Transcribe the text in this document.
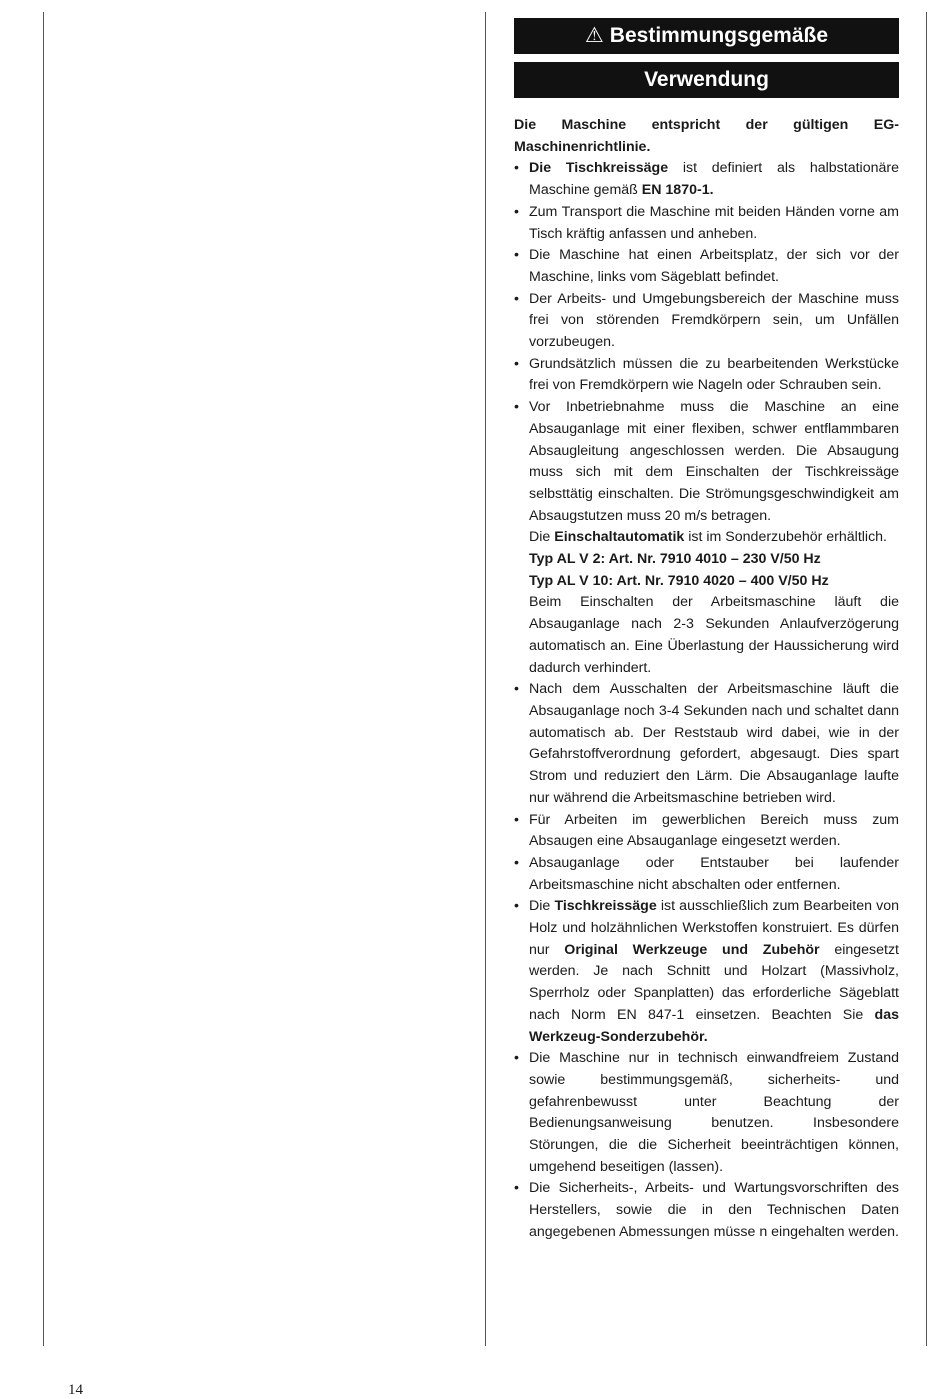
⚠ Bestimmungsgemäße
Verwendung
Die Maschine entspricht der gültigen EG-Maschinenrichtlinie.
• Die Tischkreissäge ist definiert als halbstationäre Maschine gemäß EN 1870-1.
• Zum Transport die Maschine mit beiden Händen vorne am Tisch kräftig anfassen und anheben.
• Die Maschine hat einen Arbeitsplatz, der sich vor der Maschine, links vom Sägeblatt befindet.
• Der Arbeits- und Umgebungsbereich der Maschine muss frei von störenden Fremdkörpern sein, um Unfällen vorzubeugen.
• Grundsätzlich müssen die zu bearbeitenden Werkstücke frei von Fremdkörpern wie Nageln oder Schrauben sein.

• Vor Inbetriebnahme muss die Maschine an eine Absauganlage mit einer flexiben, schwer entflammbaren Absaugleitung angeschlossen werden. Die Absaugung muss sich mit dem Einschalten der Tischkreissäge selbsttätig einschalten. Die Strömungsgeschwindigkeit am Absaugstutzen muss 20 m/s betragen.

Die Einschaltautomatik ist im Sonderzubehör erhältlich.

Typ AL V 2: Art. Nr. 7910 4010 – 230 V/50 Hz

Typ AL V 10: Art. Nr. 7910 4020 – 400 V/50 Hz

Beim Einschalten der Arbeitsmaschine läuft die Absauganlage nach 2-3 Sekunden Anlaufverzögerung automatisch an. Eine Überlastung der Haussicherung wird dadurch verhindert.

• Nach dem Ausschalten der Arbeitsmaschine läuft die Absauganlage noch 3-4 Sekunden nach und schaltet dann automatisch ab. Der Reststaub wird dabei, wie in der Gefahrstoffverordnung gefordert, abgesaugt. Dies spart Strom und reduziert den Lärm. Die Absauganlage laufte nur während die Arbeitsmaschine betrieben wird.
• Für Arbeiten im gewerblichen Bereich muss zum Absaugen eine Absauganlage eingesetzt werden.
• Absauganlage oder Entstauber bei laufender Arbeitsmaschine nicht abschalten oder entfernen.
• Die Tischkreissäge ist ausschließlich zum Bearbeiten von Holz und holzähnlichen Werkstoffen konstruiert. Es dürfen nur Original Werkzeuge und Zubehör eingesetzt werden. Je nach Schnitt und Holzart (Massivholz, Sperrholz oder Spanplatten) das erforderliche Sägeblatt nach Norm EN 847-1 einsetzen. Beachten Sie das Werkzeug-Sonderzubehör.
• Die Maschine nur in technisch einwandfreiem Zustand sowie bestimmungsgemäß, sicherheits- und gefahrenbewusst unter Beachtung der Bedienungsanweisung benutzen. Insbesondere Störungen, die die Sicherheit beeinträchtigen können, umgehend beseitigen (lassen).
• Die Sicherheits-, Arbeits- und Wartungsvorschriften des Herstellers, sowie die in den Technischen Daten angegebenen Abmessungen müsse n eingehalten werden.
14
